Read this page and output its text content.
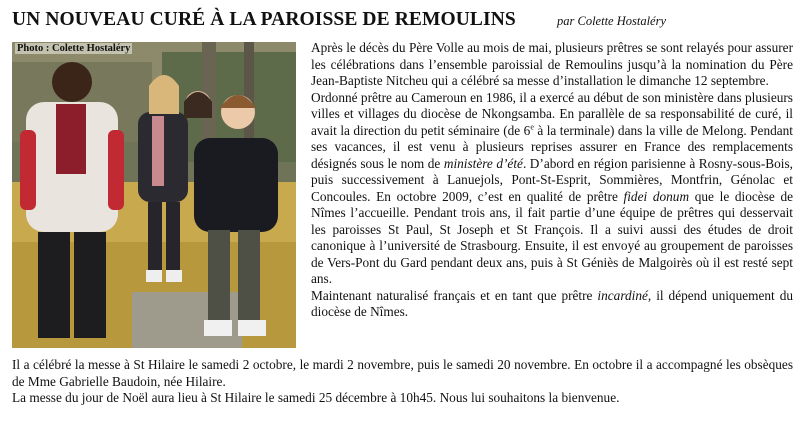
UN NOUVEAU CURÉ À LA PAROISSE DE REMOULINS	par Colette Hostaléry
Photo : Colette Hostaléry	Après le décès du Père Volle au mois de mai, plusieurs prêtres se sont relayés pour assurer les célébrations dans l’ensemble paroissial de Remoulins jusqu’à la nomination du Père Jean-Baptiste Nitcheu qui a célébré sa messe d’installation le dimanche 12 septembre.

Ordonné prêtre au Cameroun en 1986, il a exercé au début de son ministère dans plusieurs villes et villages du diocèse de Nkongsamba. En parallèle de sa responsabilité de curé, il avait la direction du petit séminaire (de 6e à la terminale) dans la ville de Melong. Pendant ses vacances, il est venu à plusieurs reprises assurer en France des remplacements désignés sous le nom de ministère d’été. D’abord en région parisienne à Rosny-sous-Bois, puis successivement à Lanuejols, Pont-St-Esprit, Sommières, Montfrin, Génolac et Concoules. En octobre 2009, c’est en qualité de prêtre fidei donum que le diocèse de Nîmes l’accueille. Pendant trois ans, il fait partie d’une équipe de prêtres qui desservait les paroisses St Paul, St Joseph et St François. Il a suivi aussi des études de droit canonique à l’université de Strasbourg. Ensuite, il est envoyé au groupement de paroisses de Vers-Pont du Gard pendant deux ans, puis à St Géniès de Malgoirès où il est resté sept ans.

Maintenant naturalisé français et en tant que prêtre incardiné, il dépend uniquement du diocèse de Nîmes.

Il a célébré la messe à St Hilaire le samedi 2 octobre, le mardi 2 novembre, puis le samedi 20 novembre. En octobre il a accompagné les obsèques de Mme Gabrielle Baudoin, née Hilaire.

La messe du jour de Noël aura lieu à St Hilaire le samedi 25 décembre à 10h45. Nous lui souhaitons la bienvenue.
